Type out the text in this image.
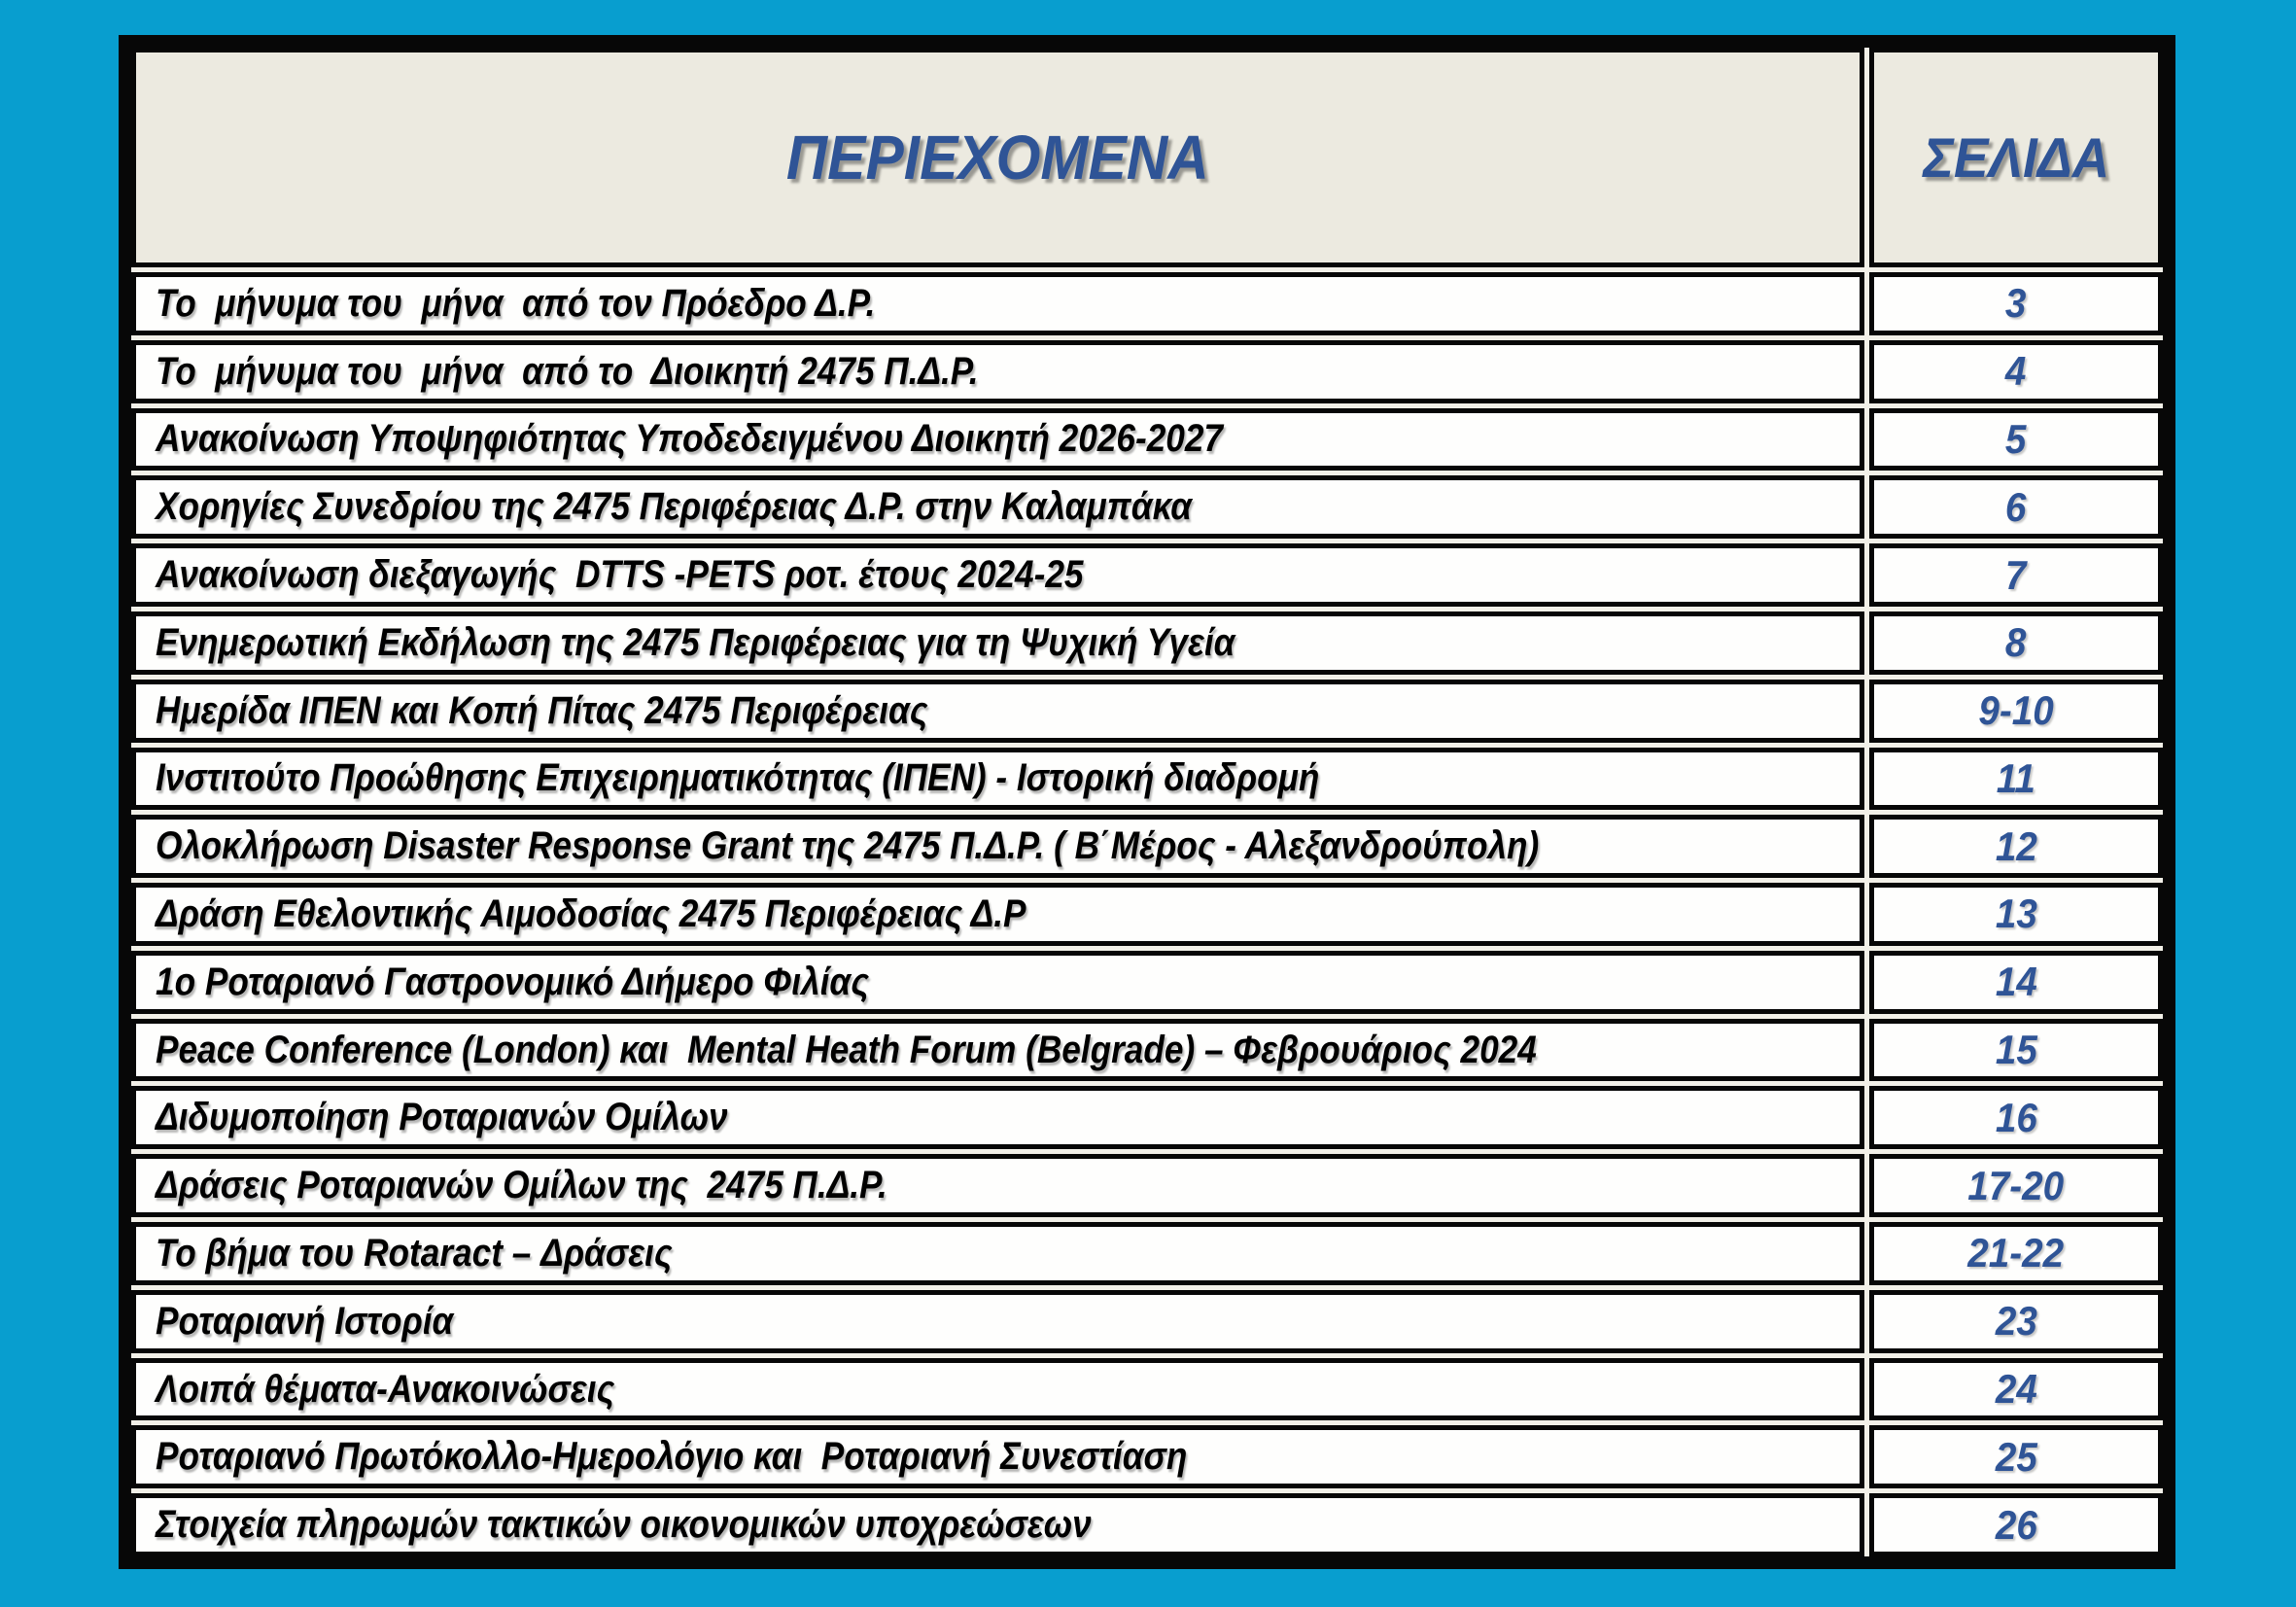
ΠΕΡΙΕΧΟΜΕΝΑ	ΣΕΛΙΔΑ
Το  μήνυμα του  μήνα  από τον Πρόεδρο Δ.Ρ.	3
Το  μήνυμα του  μήνα  από το  Διοικητή 2475 Π.Δ.Ρ.	4
Ανακοίνωση Υποψηφιότητας Υποδεδειγμένου Διοικητή 2026-2027	5
Χορηγίες Συνεδρίου της 2475 Περιφέρειας Δ.Ρ. στην Καλαμπάκα	6
Ανακοίνωση διεξαγωγής  DTTS -PETS ροτ. έτους 2024-25	7
Ενημερωτική Εκδήλωση της 2475 Περιφέρειας για τη Ψυχική Υγεία	8
Ημερίδα ΙΠΕΝ και Κοπή Πίτας 2475 Περιφέρειας	9-10
Ινστιτούτο Προώθησης Επιχειρηματικότητας (ΙΠΕΝ) - Ιστορική διαδρομή	11
Ολοκλήρωση Disaster Response Grant της 2475 Π.Δ.Ρ. ( Β΄Μέρος - Αλεξανδρούπολη)	12
Δράση Εθελοντικής Αιμοδοσίας 2475 Περιφέρειας Δ.Ρ	13
1ο Ροταριανό Γαστρονομικό Διήμερο Φιλίας	14
Peace Conference (London) και  Mental Heath Forum (Belgrade) – Φεβρουάριος 2024	15
Διδυμοποίηση Ροταριανών Ομίλων	16
Δράσεις Ροταριανών Ομίλων της  2475 Π.Δ.Ρ.	17-20
Το βήμα του Rotaract – Δράσεις	21-22
Ροταριανή Ιστορία	23
Λοιπά θέματα-Ανακοινώσεις	24
Ροταριανό Πρωτόκολλο-Ημερολόγιο και  Ροταριανή Συνεστίαση	25
Στοιχεία πληρωμών τακτικών οικονομικών υποχρεώσεων	26
